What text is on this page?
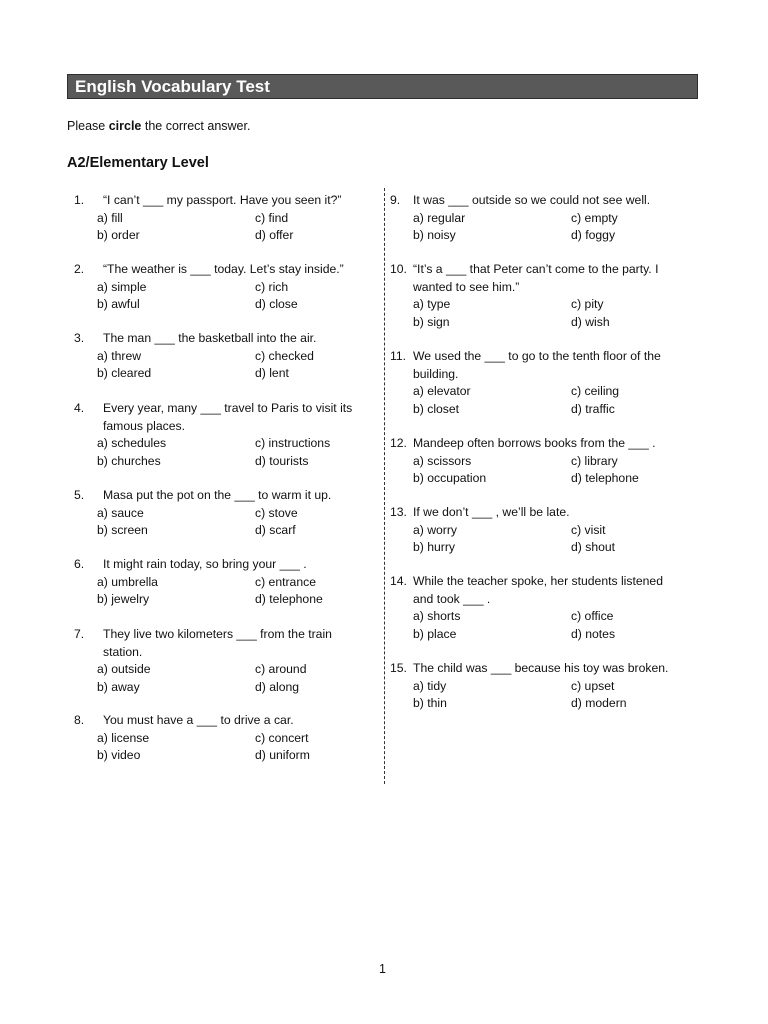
English Vocabulary Test
Please circle the correct answer.
A2/Elementary Level
1. “I can’t ___ my passport. Have you seen it?”
a) fill	c) find
b) order	d) offer
2. “The weather is ___ today. Let’s stay inside.”
a) simple	c) rich
b) awful	d) close
3. The man ___ the basketball into the air.
a) threw	c) checked
b) cleared	d) lent
4. Every year, many ___ travel to Paris to visit its
famous places.
a) schedules	c) instructions
b) churches	d) tourists
5. Masa put the pot on the ___ to warm it up.
a) sauce	c) stove
b) screen	d) scarf
6. It might rain today, so bring your ___ .
a) umbrella	c) entrance
b) jewelry	d) telephone
7. They live two kilometers ___ from the train
station.
a) outside	c) around
b) away	d) along
8. You must have a ___ to drive a car.
a) license	c) concert
b) video	d) uniform
9. It was ___ outside so we could not see well.
a) regular	c) empty
b) noisy	d) foggy
10. “It’s a ___ that Peter can’t come to the party. I
wanted to see him.”
a) type	c) pity
b) sign	d) wish
11. We used the ___ to go to the tenth floor of the
building.
a) elevator	c) ceiling
b) closet	d) traffic
12. Mandeep often borrows books from the ___ .
a) scissors	c) library
b) occupation	d) telephone
13. If we don’t ___ , we’ll be late.
a) worry	c) visit
b) hurry	d) shout
14. While the teacher spoke, her students listened
and took ___ .
a) shorts	c) office
b) place	d) notes
15. The child was ___ because his toy was broken.
a) tidy	c) upset
b) thin	d) modern
1
